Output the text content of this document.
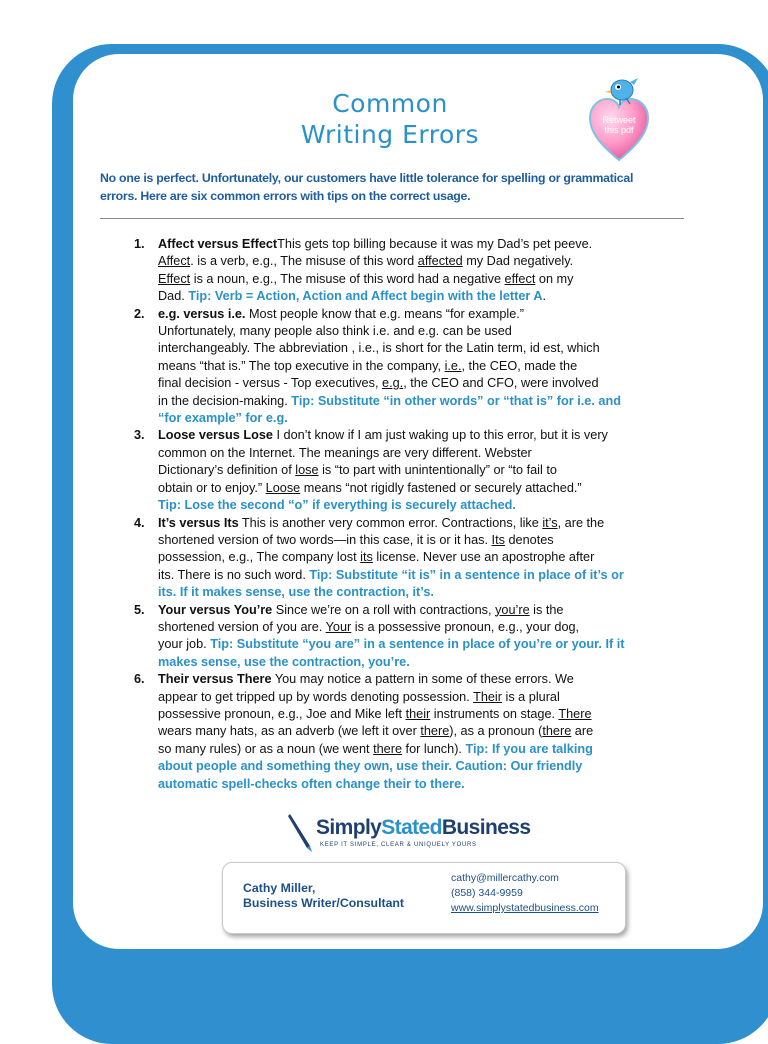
Common
Writing Errors	Retweet
this pdf
No one is perfect. Unfortunately, our customers have little tolerance for spelling or grammatical
errors. Here are six common errors with tips on the correct usage.
1. Affect versus EffectThis gets top billing because it was my Dad’s pet peeve.
Affect. is a verb, e.g., The misuse of this word affected my Dad negatively.
Effect is a noun, e.g., The misuse of this word had a negative effect on my
Dad. Tip: Verb = Action, Action and Affect begin with the letter A.
2. e.g. versus i.e. Most people know that e.g. means “for example.”
Unfortunately, many people also think i.e. and e.g. can be used
interchangeably. The abbreviation , i.e., is short for the Latin term, id est, which
means “that is.” The top executive in the company, i.e., the CEO, made the
final decision - versus - Top executives, e.g., the CEO and CFO, were involved
in the decision-making. Tip: Substitute “in other words” or “that is” for i.e. and
“for example” for e.g.
3. Loose versus Lose I don’t know if I am just waking up to this error, but it is very
common on the Internet. The meanings are very different. Webster
Dictionary’s definition of lose is “to part with unintentionally” or “to fail to
obtain or to enjoy.” Loose means “not rigidly fastened or securely attached.”
Tip: Lose the second “o” if everything is securely attached.
4. It’s versus Its This is another very common error. Contractions, like it’s, are the
shortened version of two words—in this case, it is or it has. Its denotes
possession, e.g., The company lost its license. Never use an apostrophe after
its. There is no such word. Tip: Substitute “it is” in a sentence in place of it’s or
its. If it makes sense, use the contraction, it’s.
5. Your versus You’re Since we’re on a roll with contractions, you’re is the
shortened version of you are. Your is a possessive pronoun, e.g., your dog,
your job. Tip: Substitute “you are” in a sentence in place of you’re or your. If it
makes sense, use the contraction, you’re.
6. Their versus There You may notice a pattern in some of these errors. We
appear to get tripped up by words denoting possession. Their is a plural
possessive pronoun, e.g., Joe and Mike left their instruments on stage. There
wears many hats, as an adverb (we left it over there), as a pronoun (there are
so many rules) or as a noun (we went there for lunch). Tip: If you are talking
about people and something they own, use their. Caution: Our friendly
automatic spell-checks often change their to there.
SimplyStatedBusiness
KEEP IT SIMPLE, CLEAR & UNIQUELY YOURS
Cathy Miller,
Business Writer/Consultant
cathy@millercathy.com
(858) 344-9959
www.simplystatedbusiness.com
